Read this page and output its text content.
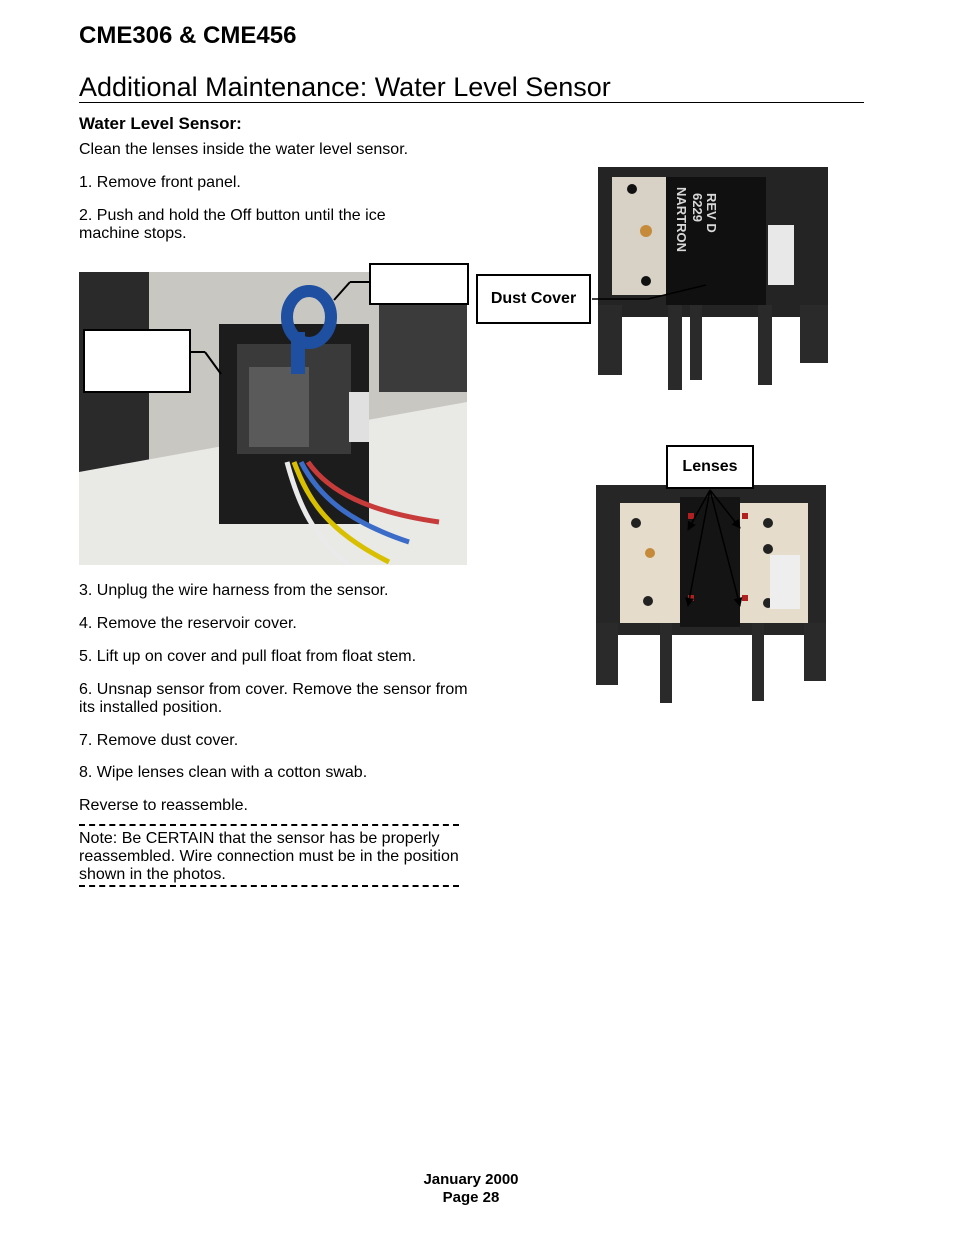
CME306 & CME456
Additional Maintenance: Water Level Sensor
Water Level Sensor:
Clean the lenses inside the water level sensor.
1. Remove front panel.
2. Push and hold the Off button until the ice machine stops.
REV D
6229
NARTRON
Dust Cover
Lenses
3. Unplug the wire harness from the sensor.
4. Remove the reservoir cover.
5. Lift up on cover and pull float from float stem.
6. Unsnap sensor from cover. Remove the sensor from its installed position.
7. Remove dust cover.
8. Wipe lenses clean with a cotton swab.
Reverse to reassemble.
Note: Be CERTAIN that the sensor has be properly reassembled. Wire connection must be in the position shown in the photos.
January 2000
Page 28
